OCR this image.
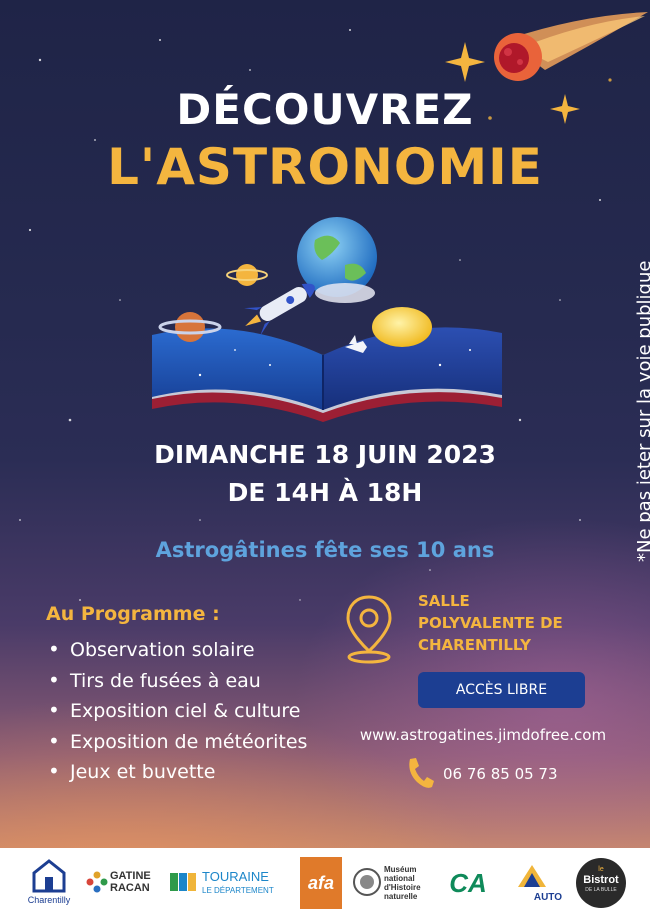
DÉCOUVREZ
L'ASTRONOMIE
DIMANCHE 18 JUIN 2023
DE 14H À 18H
Astrogâtines fête ses 10 ans	*Ne pas jeter sur la voie publique
Au Programme :
• Observation solaire
• Tirs de fusées à eau
• Exposition ciel & culture
• Exposition de météorites
• Jeux et buvette
SALLE
POLYVALENTE DE
CHARENTILLY
ACCÈS LIBRE
www.astrogatines.jimdofree.com
06 76 85 05 73
Charentilly
GATINE
RACAN
TOURAINE
LE DÉPARTEMENT	afa
Muséum
national
d'Histoire
naturelle	CA	AUTO
le
Bistrot
DE LA BULLE
